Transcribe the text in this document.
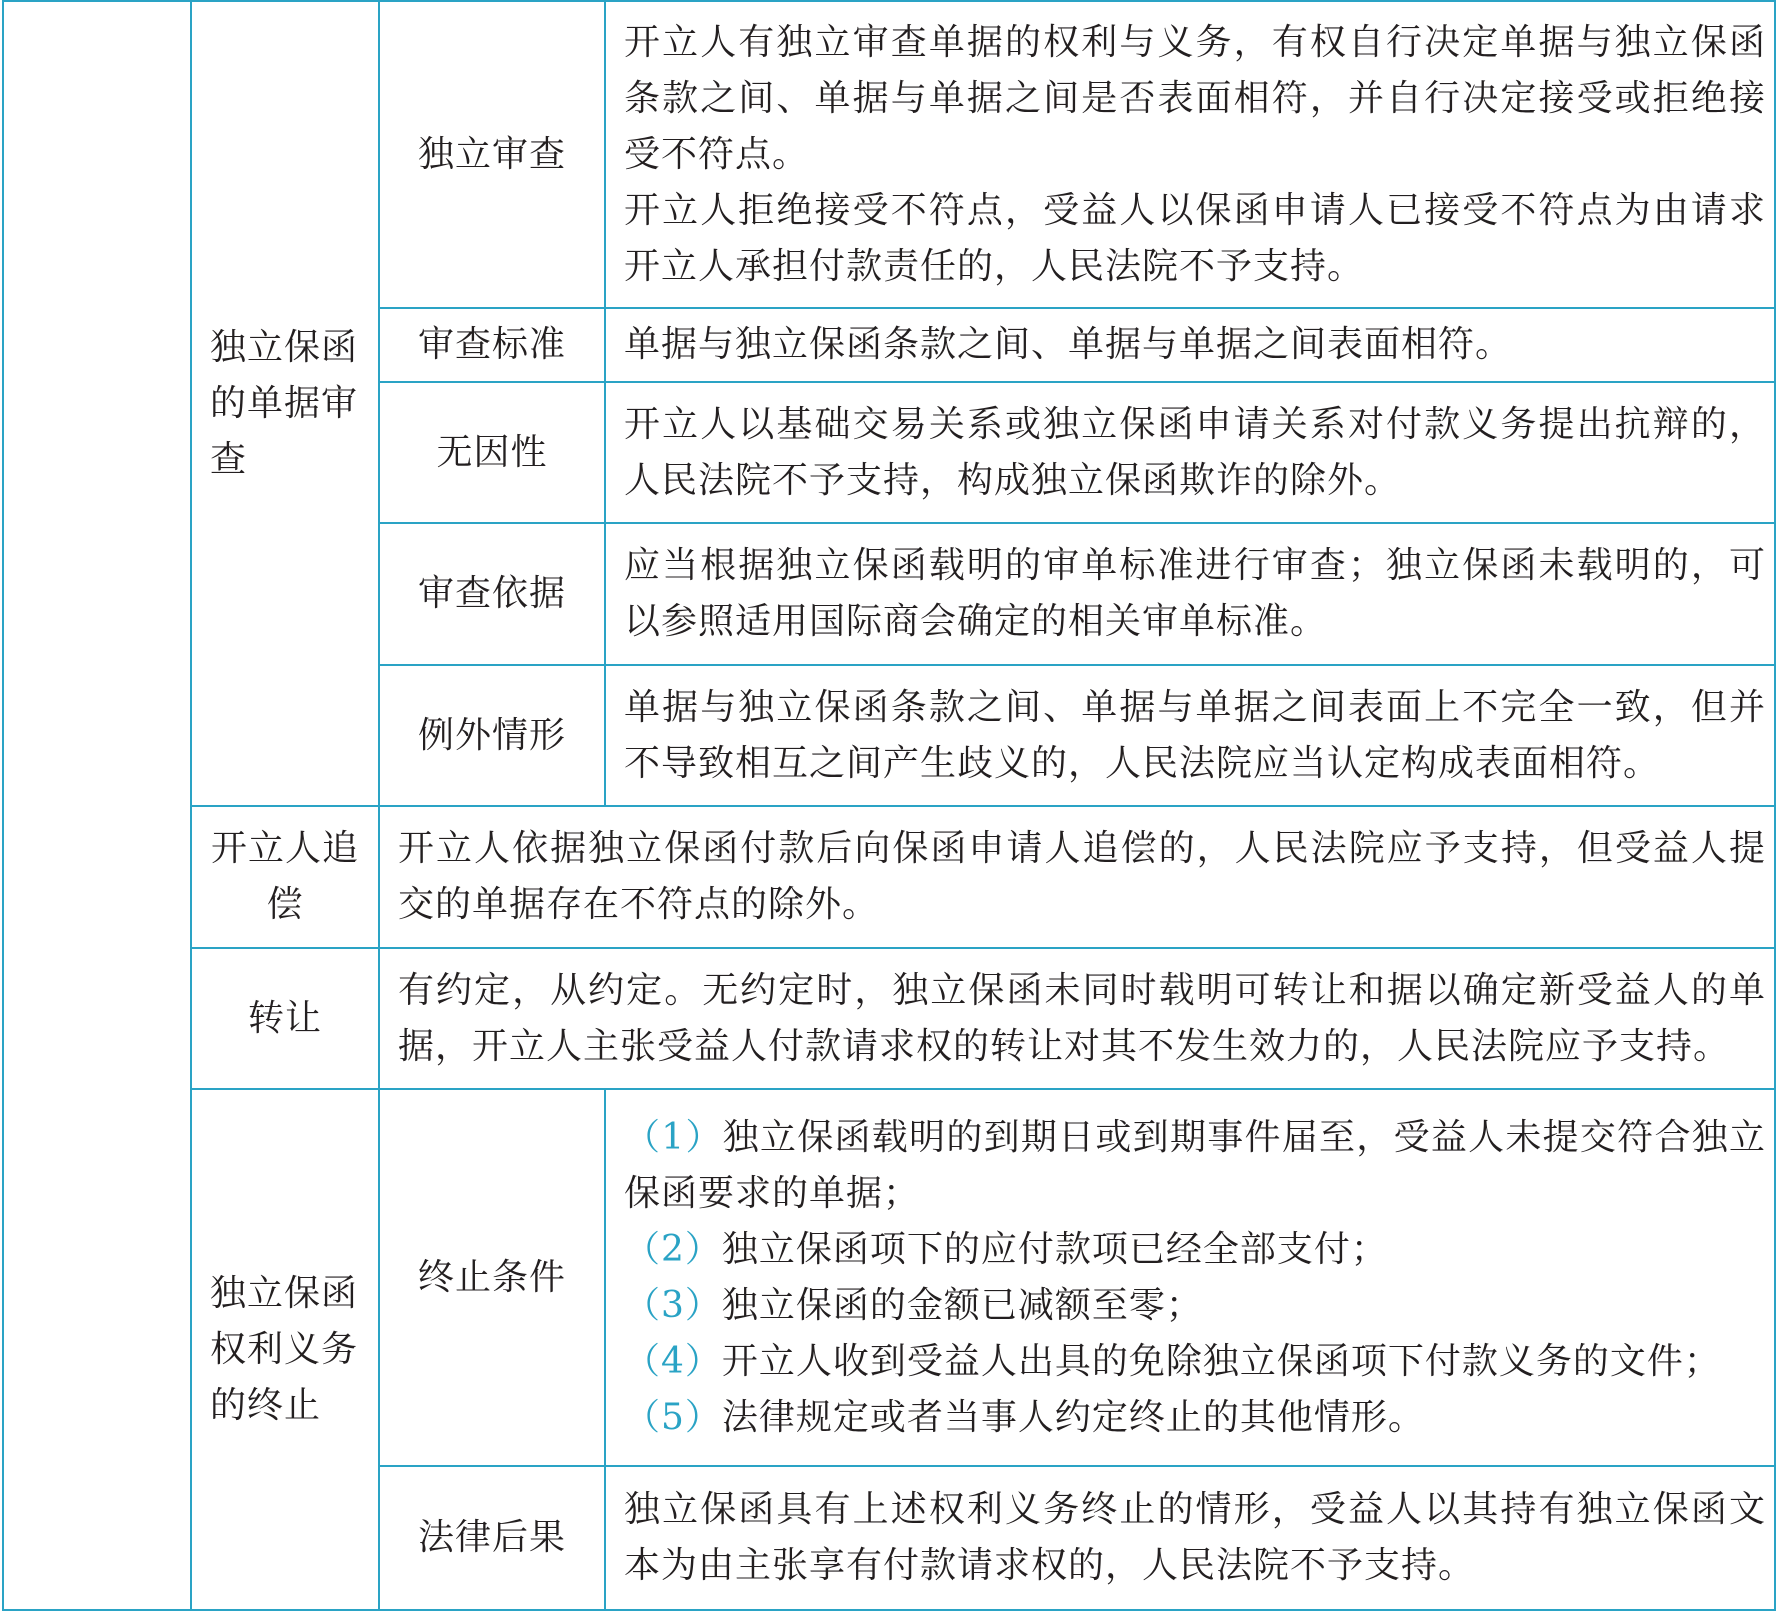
	独立保函的单据审查	独立审查	开立人有独立审查单据的权利与义务，有权自行决定单据与独立保函条款之间、单据与单据之间是否表面相符，并自行决定接受或拒绝接受不符点。

开立人拒绝接受不符点，受益人以保函申请人已接受不符点为由请求开立人承担付款责任的，人民法院不予支持。

		审查标准	单据与独立保函条款之间、单据与单据之间表面相符。

		无因性	开立人以基础交易关系或独立保函申请关系对付款义务提出抗辩的，人民法院不予支持，构成独立保函欺诈的除外。

		审查依据	应当根据独立保函载明的审单标准进行审查；独立保函未载明的，可以参照适用国际商会确定的相关审单标准。

		例外情形	单据与独立保函条款之间、单据与单据之间表面上不完全一致，但并不导致相互之间产生歧义的，人民法院应当认定构成表面相符。

	开立人追偿	开立人依据独立保函付款后向保函申请人追偿的，人民法院应予支持，但受益人提交的单据存在不符点的除外。	

	转让	有约定，从约定。无约定时，独立保函未同时载明可转让和据以确定新受益人的单据，开立人主张受益人付款请求权的转让对其不发生效力的，人民法院应予支持。	

	独立保函权利义务的终止	终止条件	（1）独立保函载明的到期日或到期事件届至，受益人未提交符合独立保函要求的单据；

（2）独立保函项下的应付款项已经全部支付；

（3）独立保函的金额已减额至零；

（4）开立人收到受益人出具的免除独立保函项下付款义务的文件；

（5）法律规定或者当事人约定终止的其他情形。

		法律后果	独立保函具有上述权利义务终止的情形，受益人以其持有独立保函文本为由主张享有付款请求权的，人民法院不予支持。
